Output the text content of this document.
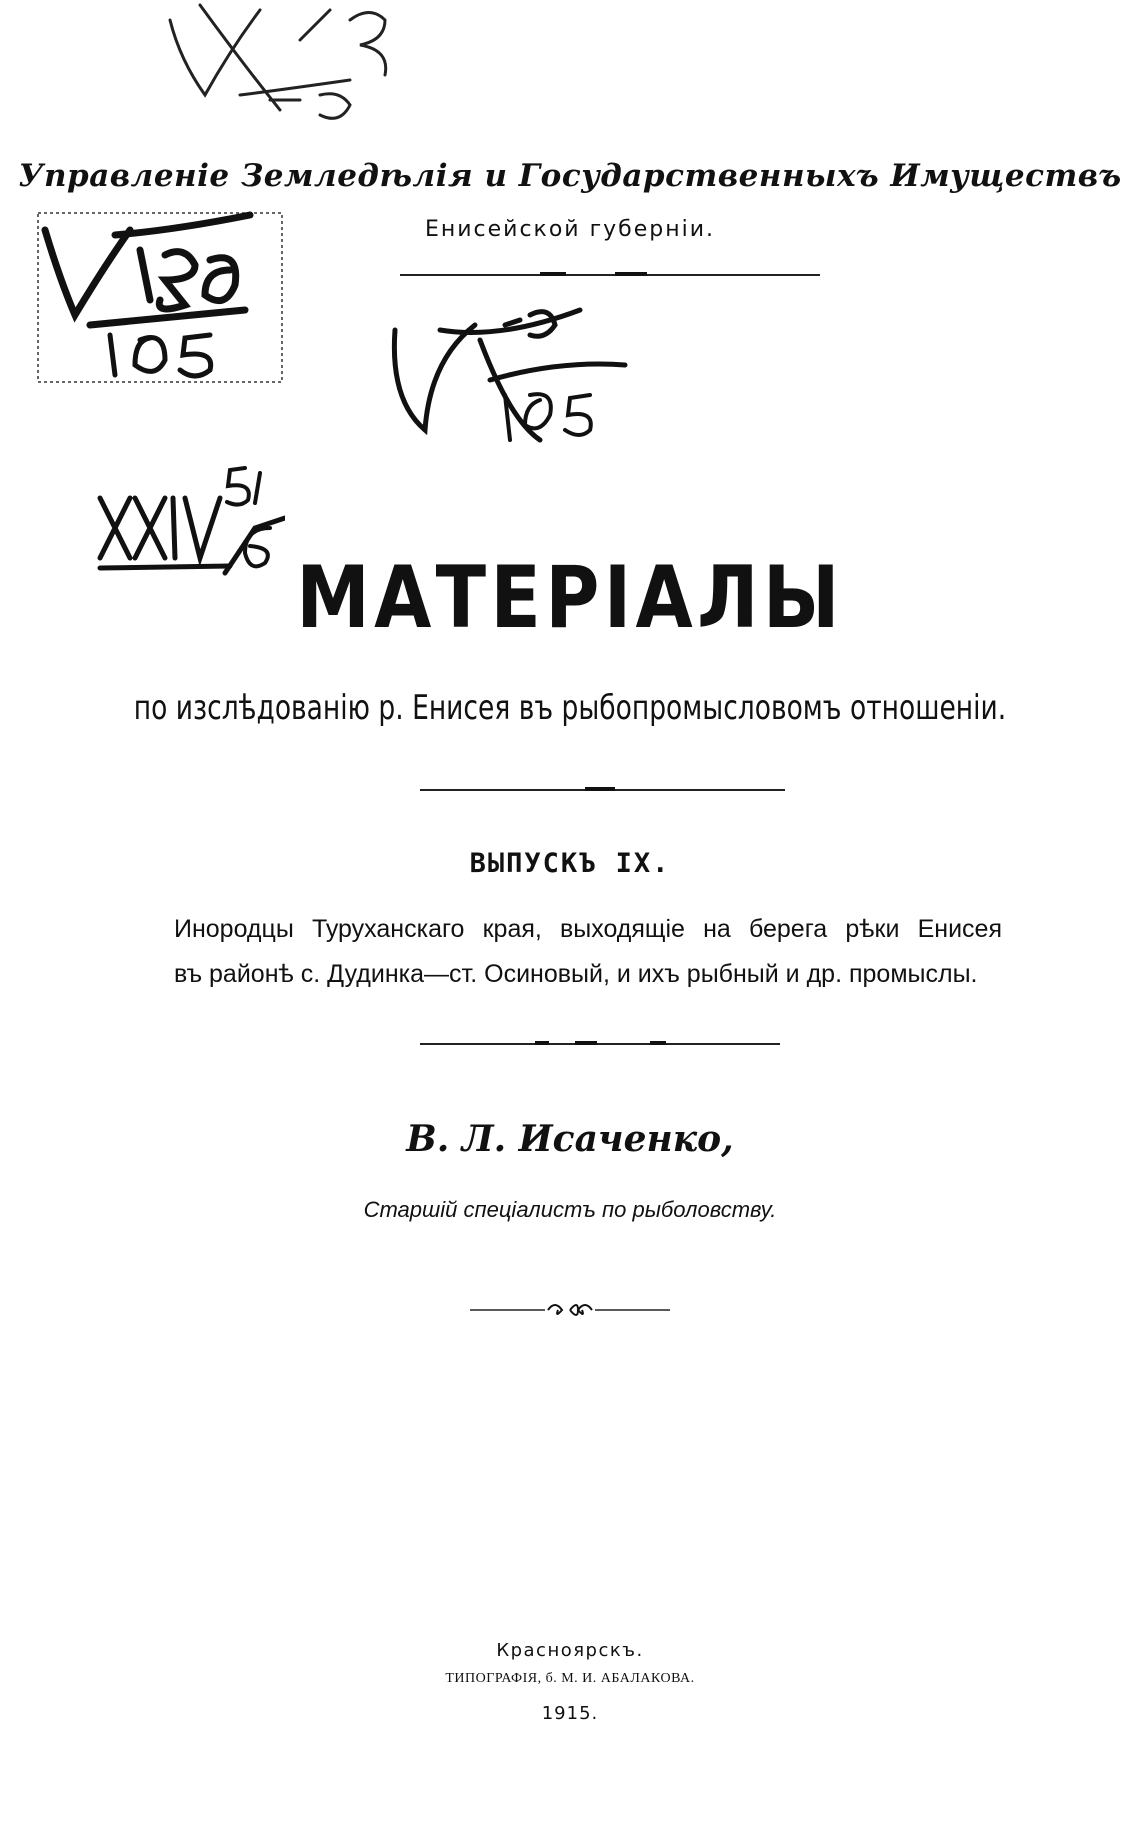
Управленіе Земледѣлія и Государственныхъ Имуществъ
Енисейской губерніи.
МАТЕРІАЛЫ
по изслѣдованію р. Енисея въ рыбопромысловомъ отношеніи.
ВЫПУСКЪ IX.
Инородцы Туруханскаго края, выходящіе на берега рѣки Енисея
въ районѣ с. Дудинка—ст. Осиновый, и ихъ рыбный и др. промыслы.
В. Л. Исаченко,
Старшій спеціалистъ по рыболовству.
Красноярскъ.
ТИПОГРАФІЯ, б. М. И. АБАЛАКОВА.
1915.
